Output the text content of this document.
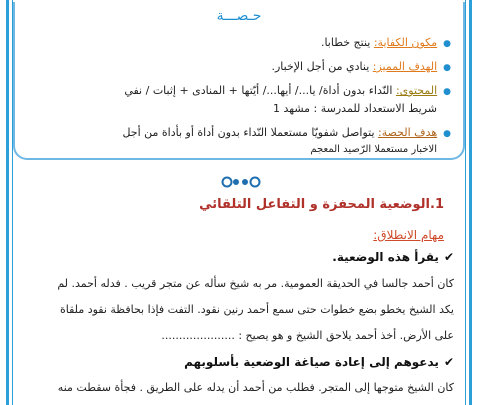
حـصـــة
●مكون الكفاية: ينتج خطابا.
●الهدف المميز: ينادي من أجل الإخبار.
●المحتوى: النّداء بدون أداة/ يا.../ أيها.../ أيّتها + المنادى + إثبات / نفي
شريط الاستعداد للمدرسة : مشهد 1
●هدف الحصة: يتواصل شفويّا مستعملا النّداء بدون أداة أو بأداة من أجل
الاخبار مستعملا الرّصيد المعجم
1.الوضعية المحفزة و التفاعل التلقائي
مهام الانطلاق:
✔يقرأ هذه الوضعية.
كان أحمد جالسا في الحديقة العمومية. مر به شيخ سأله عن متجر قريب . فدله أحمد. لم
يكد الشيخ يخطو بضع خطوات حتى سمع أحمد رنين نقود. التفت فإذا بحافظة نقود ملقاة
على الأرض. أخذ أحمد يلاحق الشيخ و هو يصيح : .....................
✔يدعوهم إلى إعادة صياغة الوضعية بأسلوبهم
كان الشيخ متوجها إلى المتجر. فطلب من أحمد أن يدله على الطريق . فجأة سقطت منه
